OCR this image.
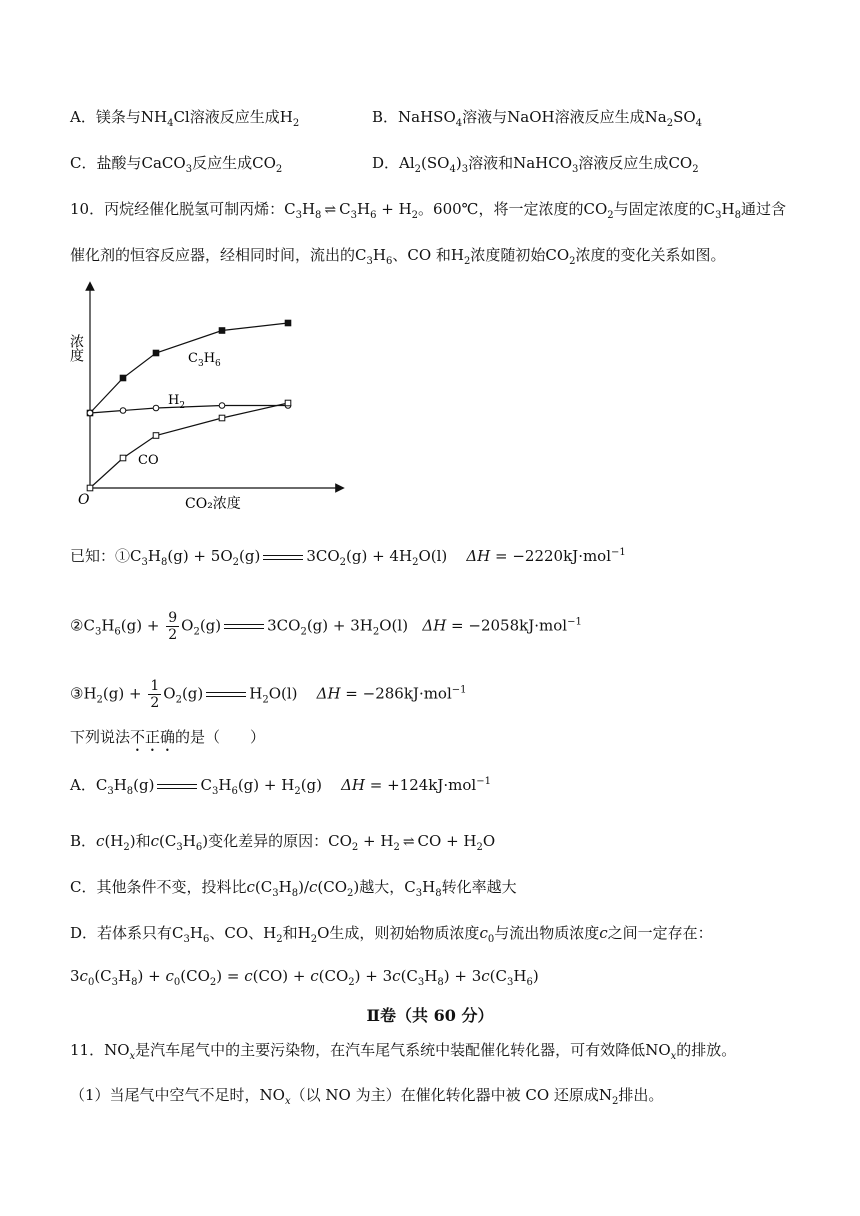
A．镁条与$NH_4Cl$溶液反应生成$H_2$	B．NaHSO$_4$溶液与NaOH溶液反应生成$Na_2SO_4$
C．盐酸与CaCO$_3$反应生成$CO_2$	D．$Al_2(SO_4)_3$溶液和NaHCO$_3$溶液反应生成$CO_2$
10．丙烷经催化脱氢可制丙烯：$C_3H_8$ ⇌ $C_3H_6 + H_2$。600℃，将一定浓度的$CO_2$与固定浓度的$C_3H_8$通过含
催化剂的恒容反应器，经相同时间，流出的$C_3H_6$、CO 和$H_2$浓度随初始$CO_2$浓度的变化关系如图。
浓度
CO₂浓度
O
$C_3H_6$
$H_2$
CO
已知：$①C_3H_8(g) + 5O_2(g)$	$3CO_2(g) + 4H_2O(l)$    ΔH = −2220kJ·mol$^{-1}$
$②C_3H_6(g) + \frac{9}{2} O_2(g)$	$3CO_2(g) + 3H_2O(l) \Delta H = -2058kJ\cdot mol^{-1}$
$③H_2(g) + \frac{1}{2} O_2(g)$	$H_2O(l)$    ΔH = −286kJ·mol$^{-1}$
下列说法不正确的是（　　）
A．$C_3H_8(g)$	$C_3H_6(g) + H_2(g)$    ΔH = +124kJ·mol$^{-1}$
B．$c(H_2)$和$c(C_3H_6)$变化差异的原因：$CO_2 + H_2$ ⇌ CO + $H_2O$
C．其他条件不变，投料比$c(C_3H_8)/c(CO_2)$越大，$C_3H_8$转化率越大
D．若体系只有$C_3H_6$、CO、$H_2$和$H_2O$生成，则初始物质浓度$c_0$与流出物质浓度c之间一定存在：
$3c_0(C_3H_8) + c_0(CO_2) = c(CO) + c(CO_2) + 3c(C_3H_8) + 3c(C_3H_6)$
Ⅱ卷（共 60 分）
11．$NO_x$是汽车尾气中的主要污染物，在汽车尾气系统中装配催化转化器，可有效降低$NO_x$的排放。
（1）当尾气中空气不足时，$NO_x$（以 NO 为主）在催化转化器中被 CO 还原成$N_2$排出。
